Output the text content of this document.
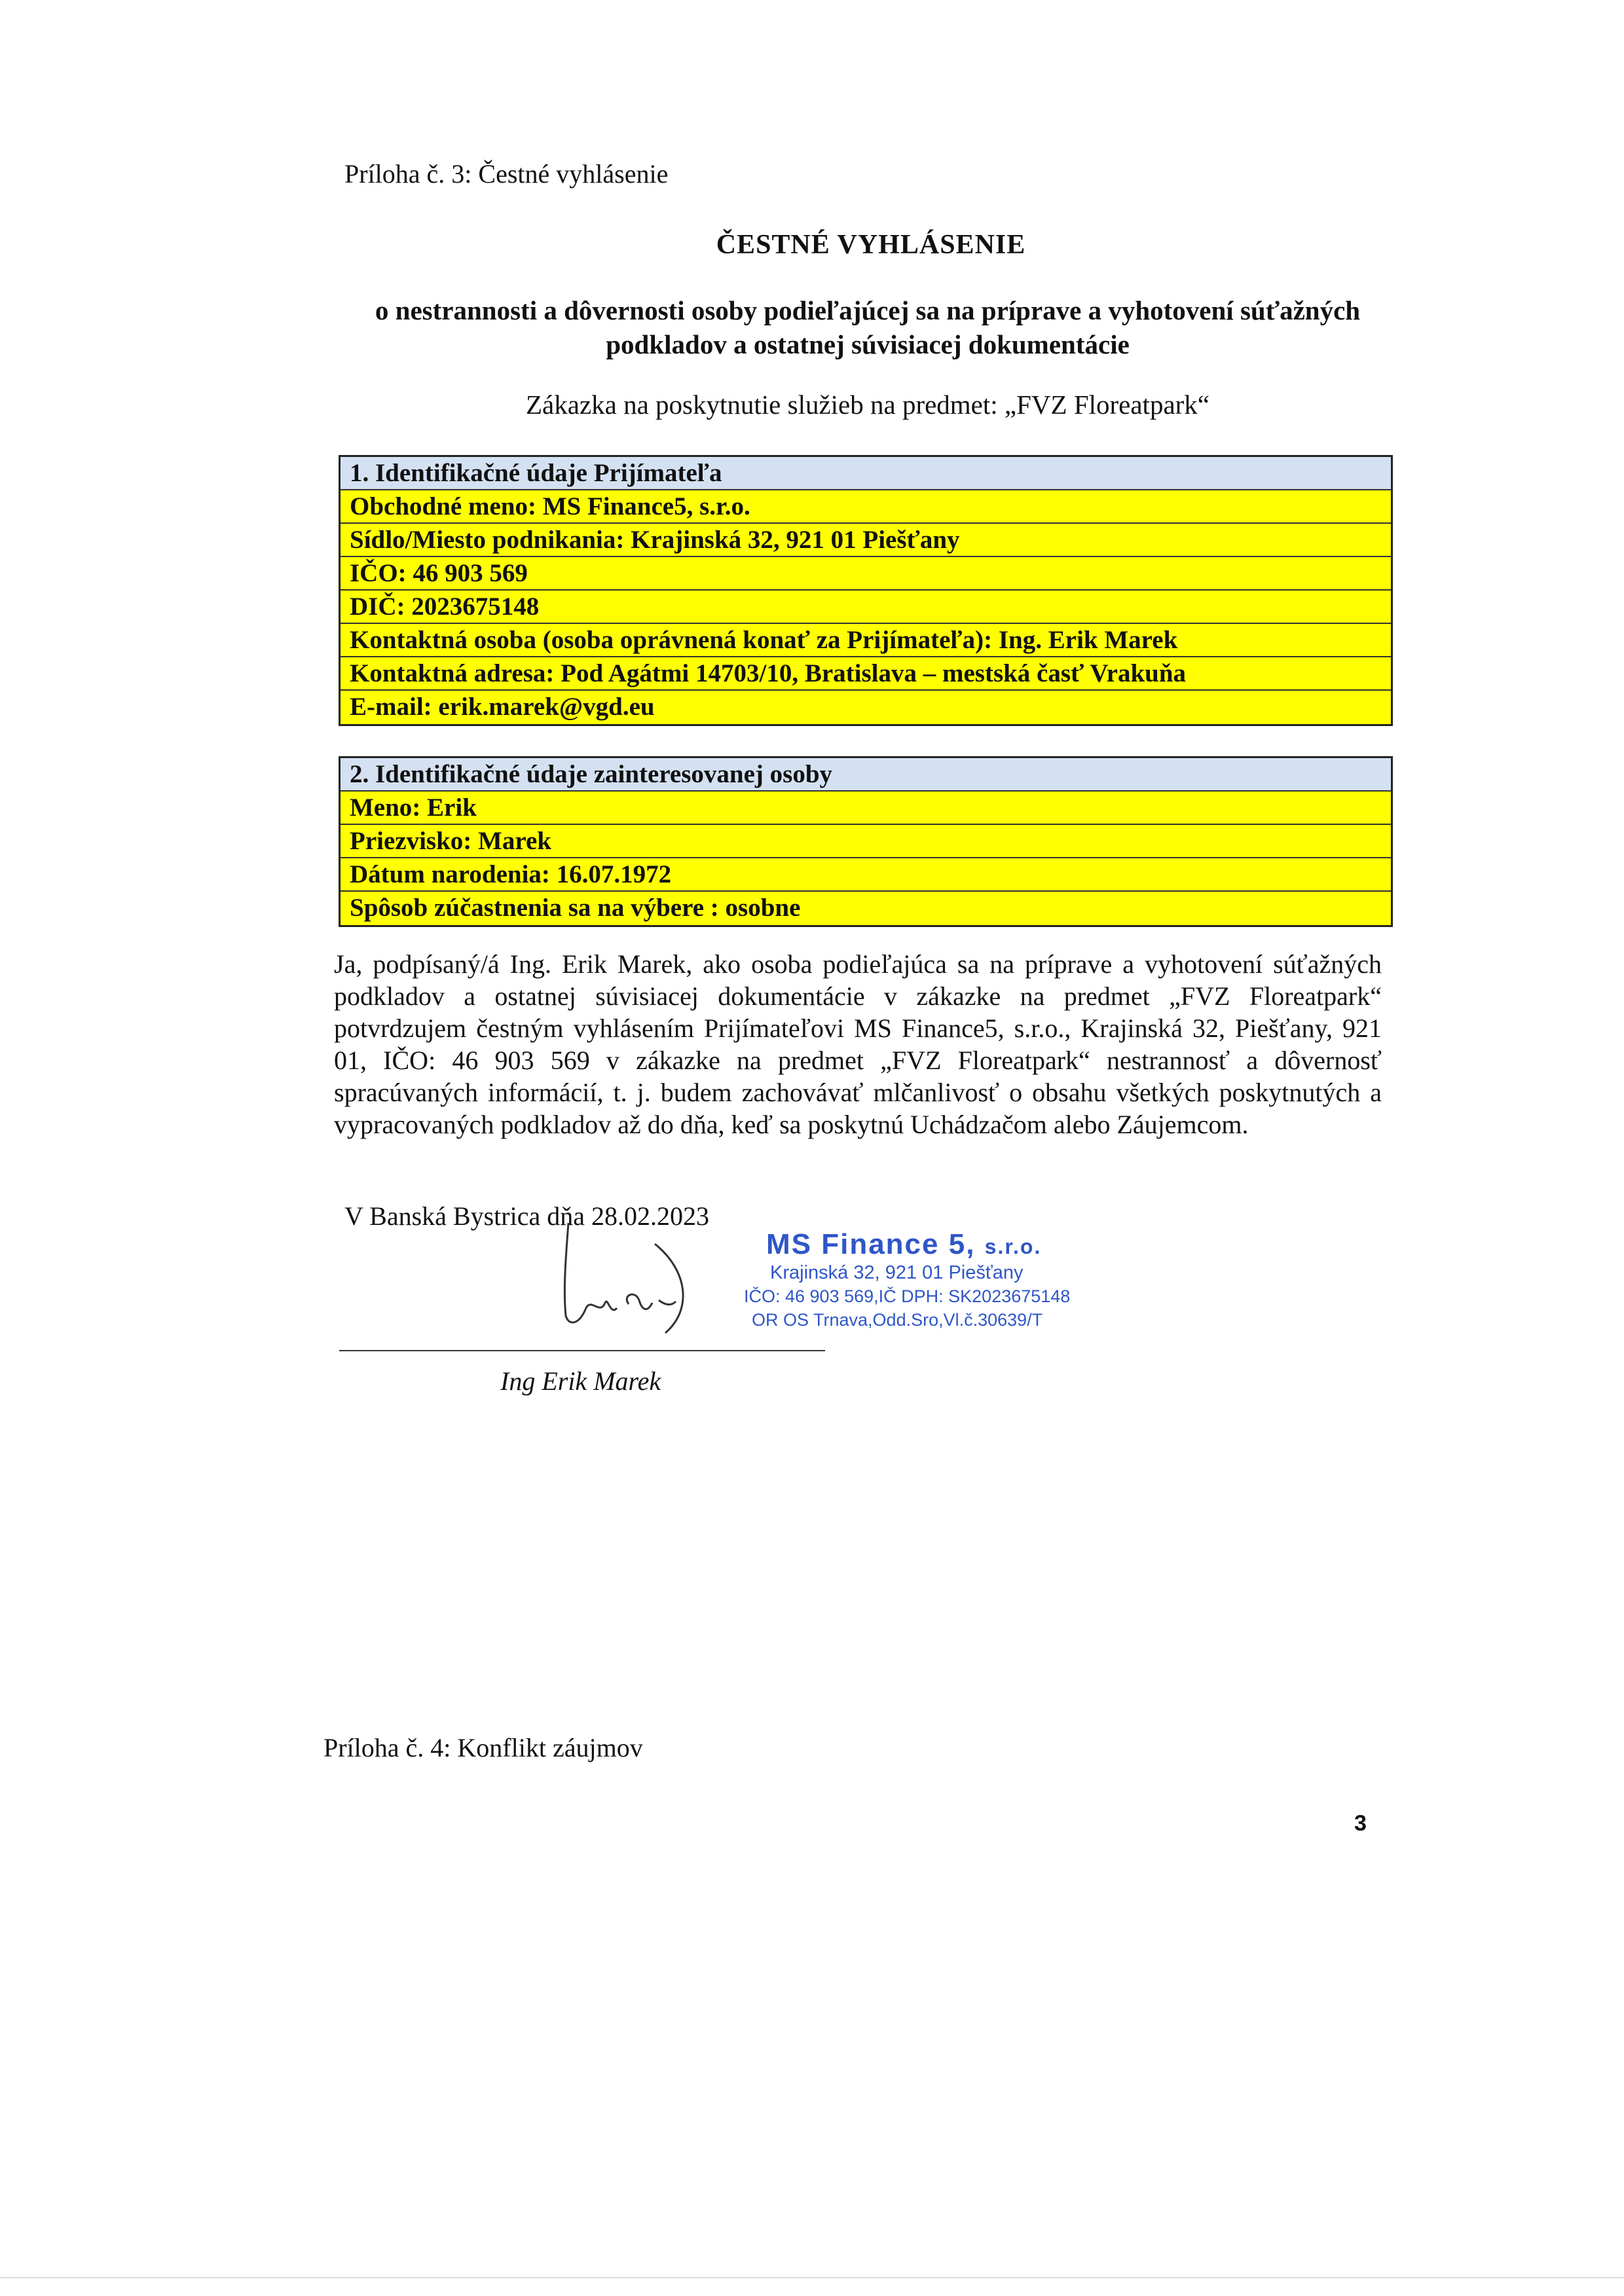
Príloha č. 3: Čestné vyhlásenie
ČESTNÉ VYHLÁSENIE
o nestrannosti a dôvernosti osoby podieľajúcej sa na príprave a vyhotovení súťažných
podkladov a ostatnej súvisiacej dokumentácie
Zákazka na poskytnutie služieb na predmet: „FVZ Floreatpark“
1. Identifikačné údaje Prijímateľa
Obchodné meno: MS Finance5, s.r.o.
Sídlo/Miesto podnikania: Krajinská 32, 921 01 Piešťany
IČO: 46 903 569
DIČ: 2023675148
Kontaktná osoba (osoba oprávnená konať za Prijímateľa): Ing. Erik Marek
Kontaktná adresa: Pod Agátmi 14703/10, Bratislava – mestská časť Vrakuňa
E-mail: erik.marek@vgd.eu
2. Identifikačné údaje zainteresovanej osoby
Meno: Erik
Priezvisko: Marek
Dátum narodenia: 16.07.1972
Spôsob zúčastnenia sa na výbere : osobne
Ja, podpísaný/á Ing. Erik Marek, ako osoba podieľajúca sa na príprave a vyhotovení súťažných podkladov a ostatnej súvisiacej dokumentácie v zákazke na predmet „FVZ Floreatpark“ potvrdzujem čestným vyhlásením Prijímateľovi MS Finance5, s.r.o., Krajinská 32, Piešťany, 921 01, IČO: 46 903 569 v zákazke na predmet „FVZ Floreatpark“ nestrannosť a dôvernosť spracúvaných informácií, t. j. budem zachovávať mlčanlivosť o obsahu všetkých poskytnutých a vypracovaných podkladov až do dňa, keď sa poskytnú Uchádzačom alebo Záujemcom.
V Banská Bystrica dňa 28.02.2023
Ing Erik Marek
MS Finance 5, s.r.o.
Krajinská 32, 921 01 Piešťany
IČO: 46 903 569,IČ DPH: SK2023675148
OR OS Trnava,Odd.Sro,Vl.č.30639/T
Príloha č. 4: Konflikt záujmov
3
